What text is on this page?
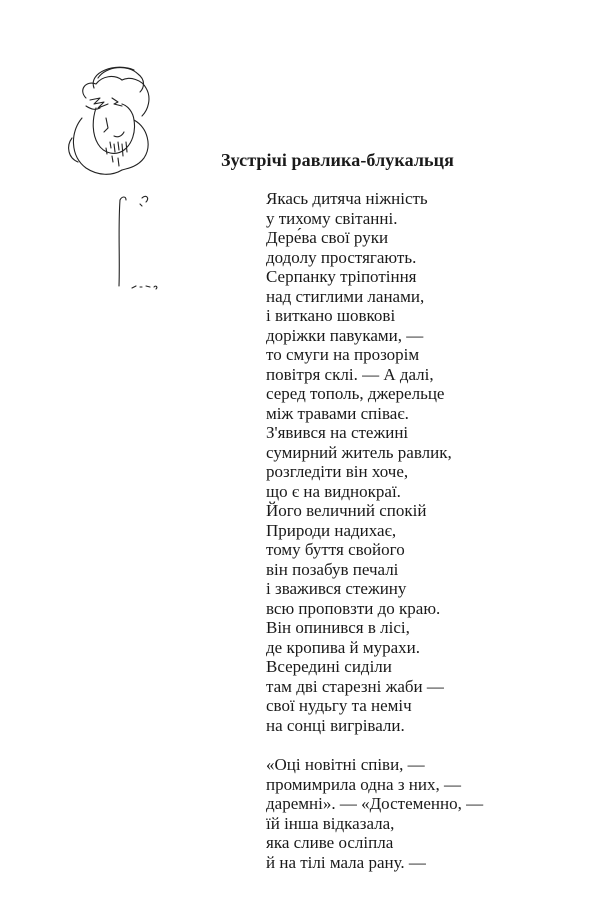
Зустрічі равлика-блукальця

Якась дитяча ніжність
у тихому світанні.
Дере́ва свої руки
додолу простягають.
Серпанку тріпотіння
над стиглими ланами,
і виткано шовкові
доріжки павуками, —
то смуги на прозорім
повітря склі. — А далі,
серед тополь, джерельце
між травами співає.
З'явився на стежині
сумирний житель равлик,
розгледіти він хоче,
що є на виднокраї.
Його величний спокій
Природи надихає,
тому буття свойого
він позабув печалі
і зважився стежину
всю проповзти до краю.
Він опинився в лісі,
де кропива й мурахи.
Всередині сиділи
там дві старезні жаби —
свої нудьгу та неміч
на сонці вигрівали.

«Оці новітні співи, —
промимрила одна з них, —
даремні». — «Достеменно, —
їй інша відказала,
яка сливе осліпла
й на тілі мала рану. —
